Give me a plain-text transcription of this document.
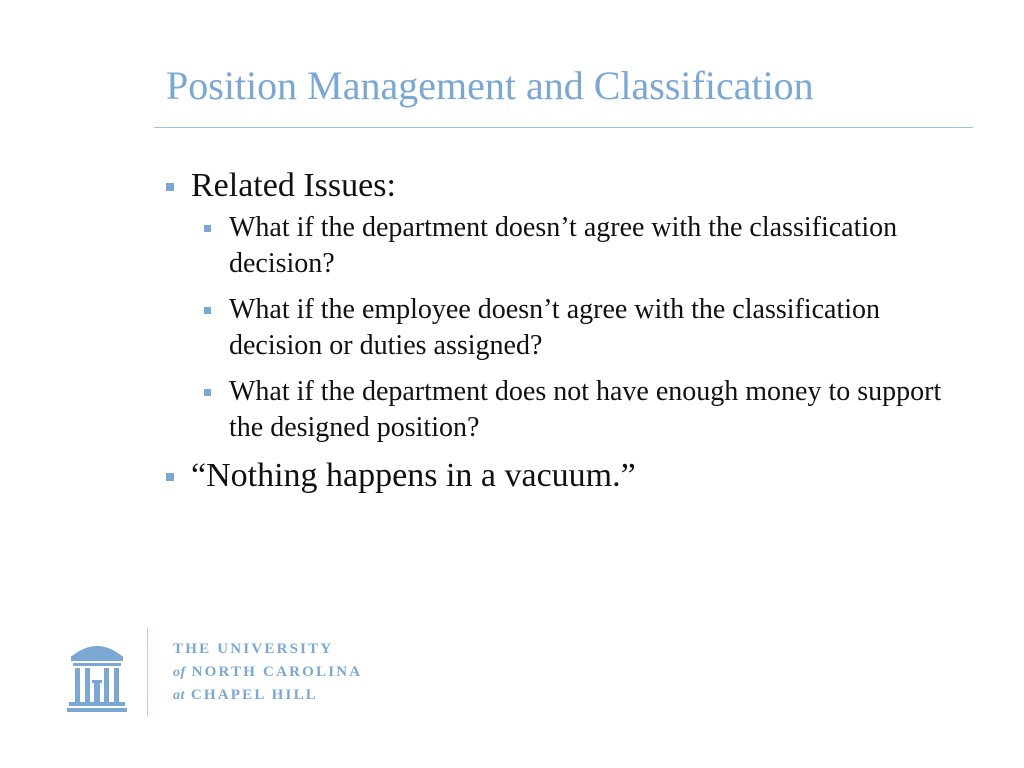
Position Management and Classification
Related Issues:
What if the department doesn’t agree with the classification decision?
What if the employee doesn’t agree with the classification decision or duties assigned?
What if the department does not have enough money to support the designed position?
“Nothing happens in a vacuum.”
THE UNIVERSITY
of NORTH CAROLINA
at CHAPEL HILL
